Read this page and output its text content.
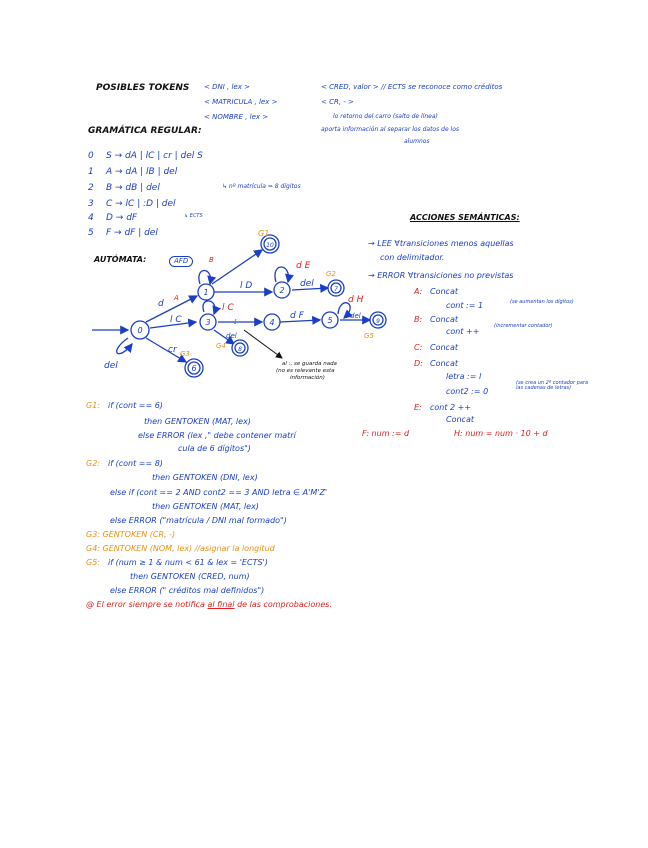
POSIBLES TOKENS < DNI , lex >
< MATRICULA , lex >
< NOMBRE , lex >
< CRED, valor > // ECTS se reconoce como créditos
< CR, - >
lo retorno del carro (salto de línea)
aporta información al separar los datos de los
alumnos
GRAMÁTICA REGULAR:
0 S → dA | lC | cr | del S
1 A → dA | lB | del
2 B → dB | del
3 C → lC | :D | del
4 D → dF
5 F → dF | del
↳ nº matrícula = 8 dígitos
↳ ECTS
AUTÓMATA:	AFD
0
1	2
3	4	5
6
7
8
9
10
d
A
l C
cr
del
B
l D
d E
del
l C
:
d F
d H
del
del
G1
G2
G3
G4
G5
al :, se guarda nada
(no es relevante esta
información)
ACCIONES SEMÁNTICAS:
→ LEE ∀transiciones menos aquellas
con delimitador.
→ ERROR ∀transiciones no previstas
A: Concat
cont := 1	(se aumentan los dígitos)
B: Concat
cont ++
(incrementar contador)
C: Concat
D: Concat
letra := l
cont2 := 0
(se crea un 2º contador para las cadenas de letras)
E: cont 2 ++
Concat
F: num := d	H: num = num · 10 + d
G1: if (cont == 6)
then GENTOKEN (MAT, lex)
else ERROR (lex ," debe contener matrí
cula de 6 dígitos")
G2: if (cont == 8)
then GENTOKEN (DNI, lex)
else if (cont == 2 AND cont2 == 3 AND letra ∈ A'M'Z'
then GENTOKEN (MAT, lex)
else ERROR ("matrícula / DNI mal formado")
G3: GENTOKEN (CR, -)
G4: GENTOKEN (NOM, lex) //asignar la longitud
G5: if (num ≥ 1 & num < 61 & lex = 'ECTS')
then GENTOKEN (CRED, num)
else ERROR (" créditos mal definidos")
@ El error siempre se notifica al final de las comprobaciones.
